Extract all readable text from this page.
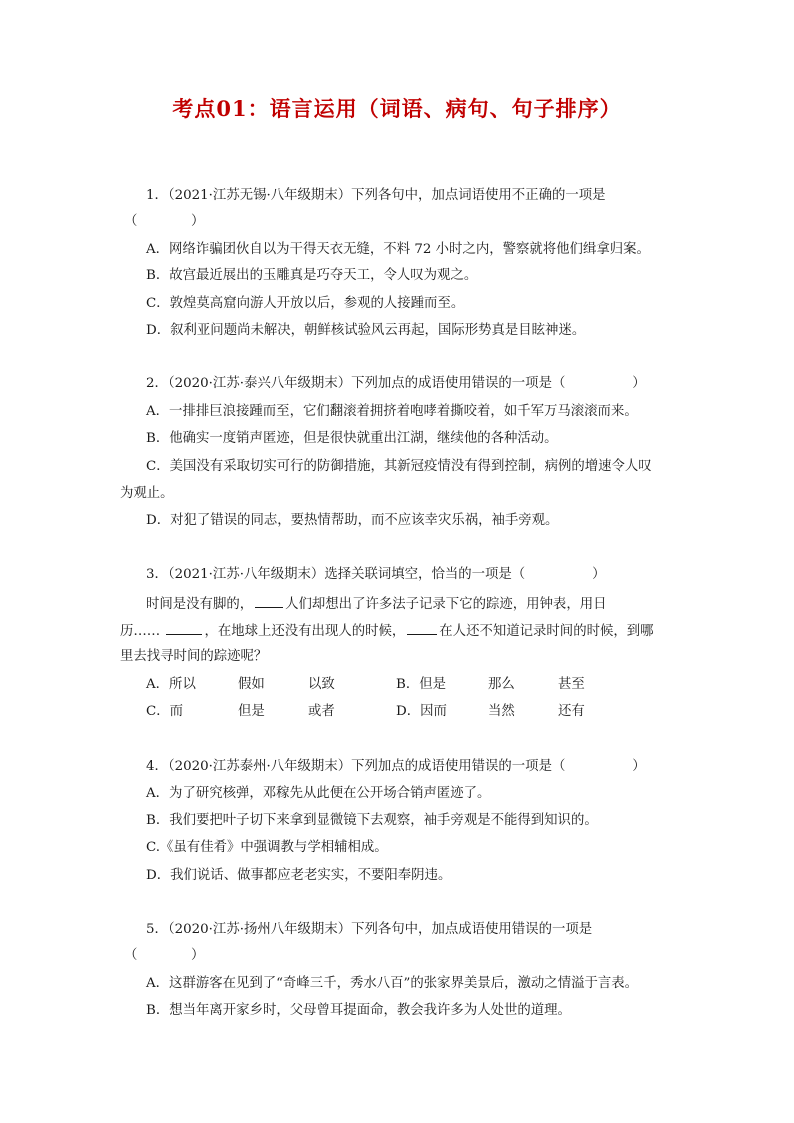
考点01：语言运用（词语、病句、句子排序）
1．（2021·江苏无锡·八年级期末）下列各句中，加点词语使用不正确的一项是
（　　　　）
A．网络诈骗团伙自以为干得天衣无缝，不料 72 小时之内，警察就将他们缉拿归案。
B．故宫最近展出的玉雕真是巧夺天工，令人叹为观之。
C．敦煌莫高窟向游人开放以后，参观的人接踵而至。
D．叙利亚问题尚未解决，朝鲜核试验风云再起，国际形势真是目眩神迷。
2．（2020·江苏·泰兴八年级期末）下列加点的成语使用错误的一项是（　　　　　）
A．一排排巨浪接踵而至，它们翻滚着拥挤着咆哮着撕咬着，如千军万马滚滚而来。
B．他确实一度销声匿迹，但是很快就重出江湖，继续他的各种活动。
C．美国没有采取切实可行的防御措施，其新冠疫情没有得到控制，病例的增速令人叹
为观止。
D．对犯了错误的同志，要热情帮助，而不应该幸灾乐祸，袖手旁观。
3．（2021·江苏·八年级期末）选择关联词填空，恰当的一项是（　　　　　）
时间是没有脚的， 人们却想出了许多法子记录下它的踪迹，用钟表，用日
历……	，在地球上还没有出现人的时候，	在人还不知道记录时间的时候，到哪
里去找寻时间的踪迹呢？
A．所以	假如	以致	B．但是	那么	甚至
C．而	但是	或者	D．因而	当然	还有
4．（2020·江苏泰州·八年级期末）下列加点的成语使用错误的一项是（　　　　　）
A．为了研究核弹，邓稼先从此便在公开场合销声匿迹了。
B．我们要把叶子切下来拿到显微镜下去观察，袖手旁观是不能得到知识的。
C.《虽有佳肴》中强调教与学相辅相成。
D．我们说话、做事都应老老实实，不要阳奉阴违。
5．（2020·江苏·扬州八年级期末）下列各句中，加点成语使用错误的一项是
（　　　　）
A．这群游客在见到了“奇峰三千，秀水八百”的张家界美景后，激动之情溢于言表。
B．想当年离开家乡时，父母曾耳提面命，教会我许多为人处世的道理。
